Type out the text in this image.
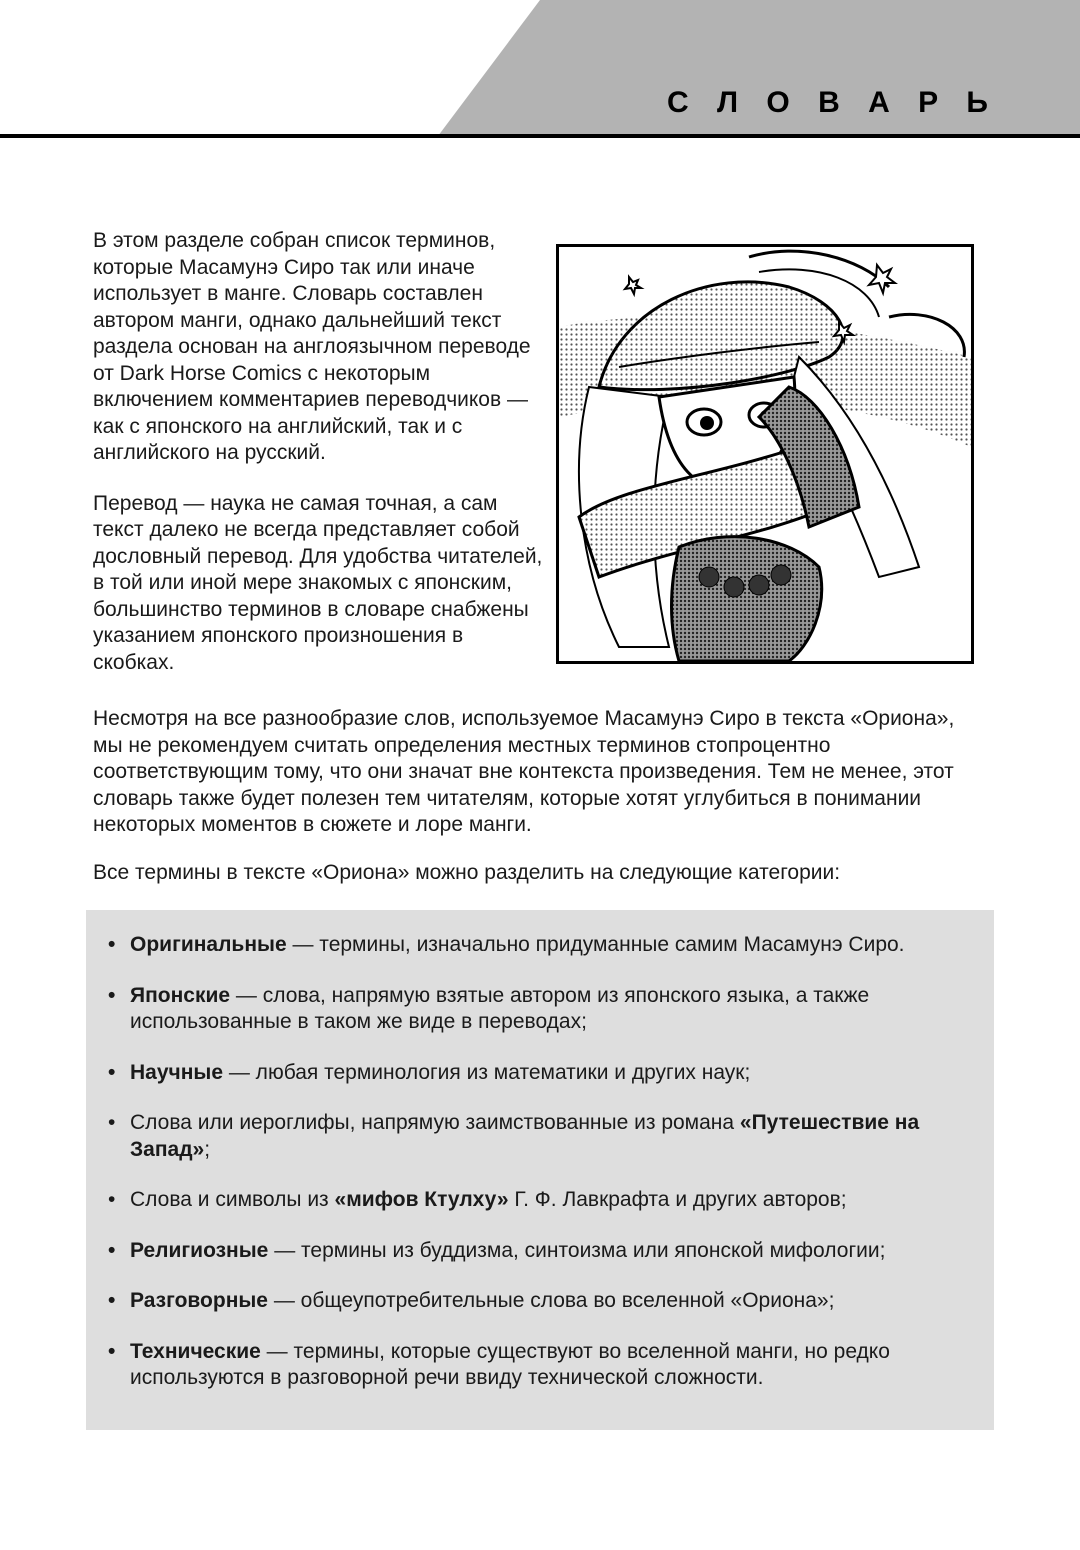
С Л О В А Р Ь

В этом разделе собран список терминов, которые Масамунэ Сиро так или иначе использует в манге. Словарь составлен автором манги, однако дальнейший текст раздела основан на англоязычном переводе от Dark Horse Comics с некоторым включением комментариев переводчиков — как с японского на английский, так и с английского на русский.

Перевод — наука не самая точная, а сам текст далеко не всегда представляет собой дословный перевод. Для удобства читателей, в той или иной мере знакомых с японским, большинство терминов в словаре снабжены указанием японского произношения в скобках.

Несмотря на все разнообразие слов, используемое Масамунэ Сиро в текста «Ориона», мы не рекомендуем считать определения местных терминов стопроцентно соответствующим тому, что они значат вне контекста произведения. Тем не менее, этот словарь также будет полезен тем читателям, которые хотят углубиться в понимании некоторых моментов в сюжете и лоре манги.

Все термины в тексте «Ориона» можно разделить на следующие категории:
• Оригинальные — термины, изначально придуманные самим Масамунэ Сиро.
• Японские — слова, напрямую взятые автором из японского языка, а также использованные в таком же виде в переводах;
• Научные — любая терминология из математики и других наук;
• Слова или иероглифы, напрямую заимствованные из романа «Путешествие на Запад»;
• Слова и символы из «мифов Ктулху» Г. Ф. Лавкрафта и других авторов;
• Религиозные — термины из буддизма, синтоизма или японской мифологии;
• Разговорные — общеупотребительные слова во вселенной «Ориона»;
• Технические — термины, которые существуют во вселенной манги, но редко используются в разговорной речи ввиду технической сложности.
